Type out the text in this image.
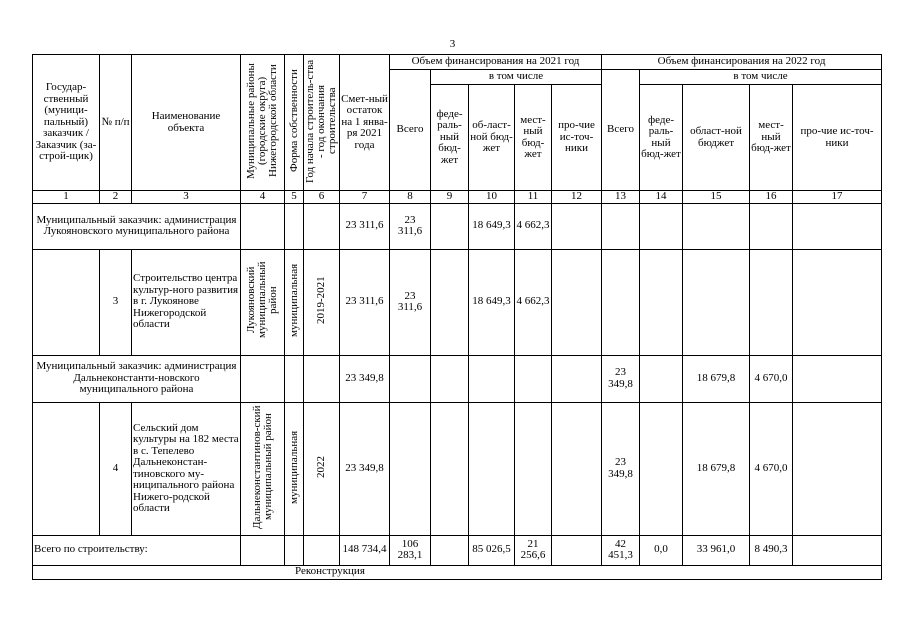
3
Государ-ственный (муници-пальный) заказчик / Заказчик (за-строй-щик)	№ п/п	Наименование объекта	Муниципальные районы (городские округа) Нижегородской области	Форма собственности	Год начала строитель-ства - год окончания строительства	Смет-ный остаток на 1 янва-ря 2021 года	Объем финансирования на 2021 год					Объем финансирования на 2022 год				
							Всего	в том числе				Всего	в том числе			
								феде-раль-ный бюд-жет	об-ласт-ной бюд-жет	мест-ный бюд-жет	про-чие ис-точ-ники		феде-раль-ный бюд-жет	област-ной бюджет	мест-ный бюд-жет	про-чие ис-точ-ники
1	2	3	4	5	6	7	8	9	10	11	12	13	14	15	16	17
Муниципальный заказчик: администрация Лукояновского муниципального района						23 311,6	23 311,6		18 649,3	4 662,3						
	3	Строительство центра культур-ного развития в г. Лукоянове Нижегородской области	Лукояновский муниципальный район	муниципальная	2019-2021	23 311,6	23 311,6		18 649,3	4 662,3						
Муниципальный заказчик: администрация Дальнеконстанти-новского муниципального района						23 349,8						23 349,8		18 679,8	4 670,0	
	4	Сельский дом культуры на 182 места в с. Тепелево Дальнеконстан-тиновского му-ниципального района Нижего-родской области	Дальнеконстантинов-ский муниципальный район	муниципальная	2022	23 349,8						23 349,8		18 679,8	4 670,0	
Всего по строительству:						148 734,4	106 283,1		85 026,5	21 256,6		42 451,3	0,0	33 961,0	8 490,3	
Реконструкция																
